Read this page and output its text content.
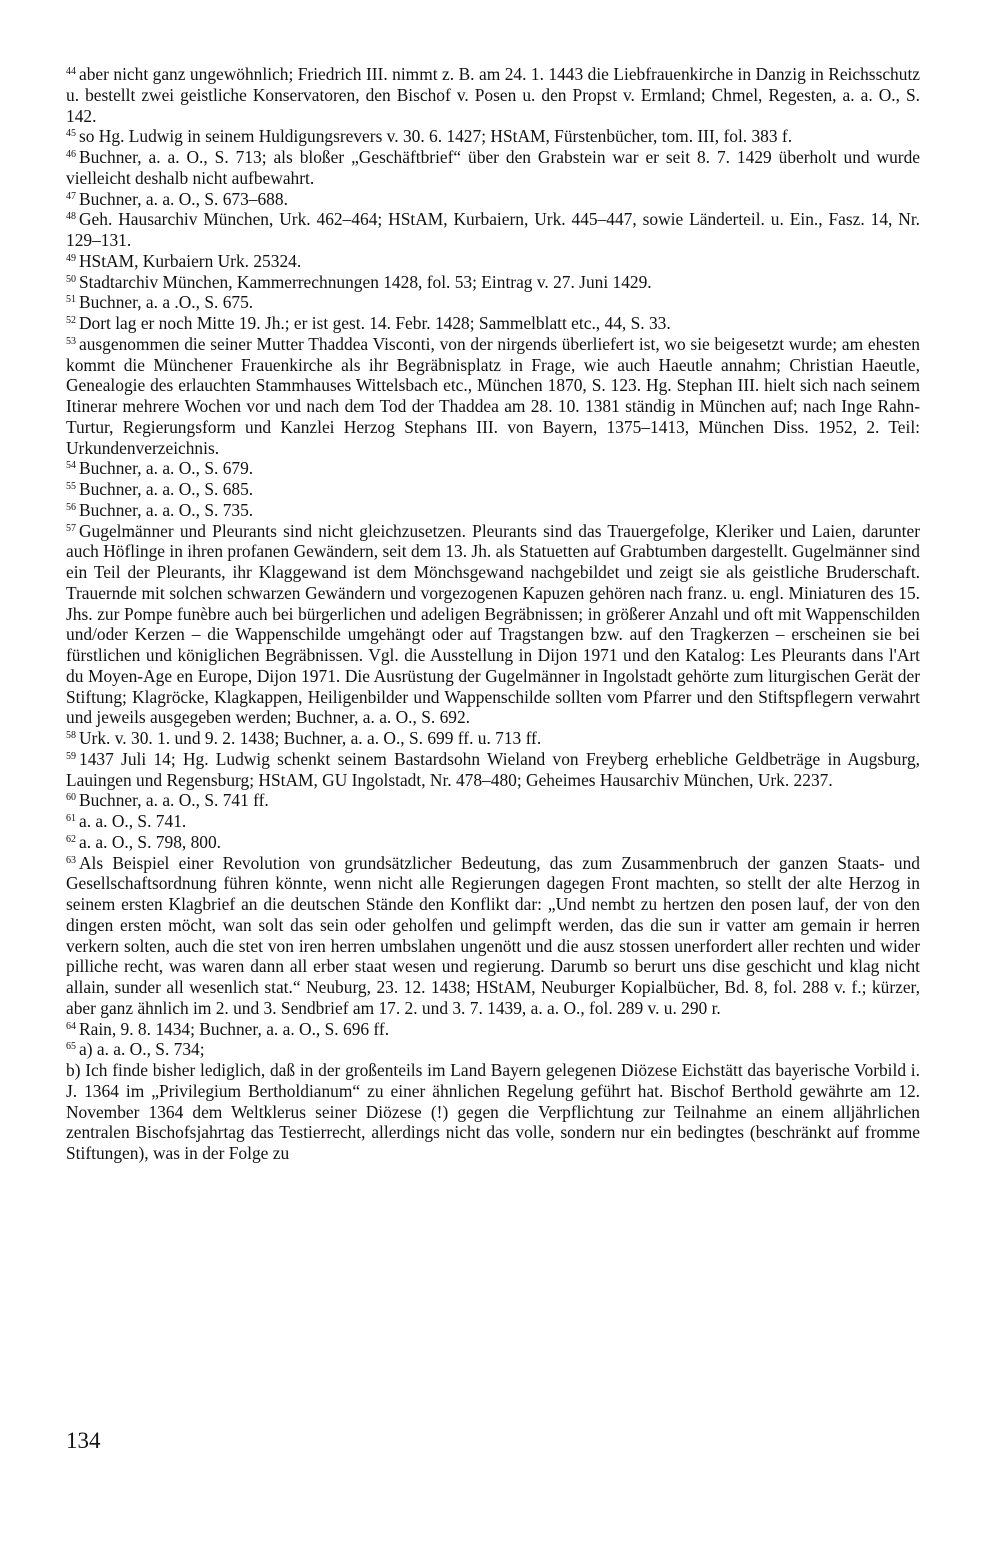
$^{44}$ aber nicht ganz ungewöhnlich; Friedrich III. nimmt z. B. am 24. 1. 1443 die Liebfrauenkirche in Danzig in Reichsschutz u. bestellt zwei geistliche Konservatoren, den Bischof v. Posen u. den Propst v. Ermland; Chmel, Regesten, a. a. O., S. 142.

$^{45}$ so Hg. Ludwig in seinem Huldigungsrevers v. 30. 6. 1427; HStAM, Fürstenbücher, tom. III, fol. 383 f.

$^{46}$ Buchner, a. a. O., S. 713; als bloßer „Geschäftbrief“ über den Grabstein war er seit 8. 7. 1429 überholt und wurde vielleicht deshalb nicht aufbewahrt.

$^{47}$ Buchner, a. a. O., S. 673–688.

$^{48}$ Geh. Hausarchiv München, Urk. 462–464; HStAM, Kurbaiern, Urk. 445–447, sowie Länderteil. u. Ein., Fasz. 14, Nr. 129–131.

$^{49}$ HStAM, Kurbaiern Urk. 25324.

$^{50}$ Stadtarchiv München, Kammerrechnungen 1428, fol. 53; Eintrag v. 27. Juni 1429.

$^{51}$ Buchner, a. a .O., S. 675.

$^{52}$ Dort lag er noch Mitte 19. Jh.; er ist gest. 14. Febr. 1428; Sammelblatt etc., 44, S. 33.

$^{53}$ ausgenommen die seiner Mutter Thaddea Visconti, von der nirgends überliefert ist, wo sie beigesetzt wurde; am ehesten kommt die Münchener Frauenkirche als ihr Begräbnisplatz in Frage, wie auch Haeutle annahm; Christian Haeutle, Genealogie des erlauchten Stammhauses Wittelsbach etc., München 1870, S. 123. Hg. Stephan III. hielt sich nach seinem Itinerar mehrere Wochen vor und nach dem Tod der Thaddea am 28. 10. 1381 ständig in München auf; nach Inge Rahn-Turtur, Regierungsform und Kanzlei Herzog Stephans III. von Bayern, 1375–1413, München Diss. 1952, 2. Teil: Urkundenverzeichnis.

$^{54}$ Buchner, a. a. O., S. 679.

$^{55}$ Buchner, a. a. O., S. 685.

$^{56}$ Buchner, a. a. O., S. 735.

$^{57}$ Gugelmänner und Pleurants sind nicht gleichzusetzen. Pleurants sind das Trauergefolge, Kleriker und Laien, darunter auch Höflinge in ihren profanen Gewändern, seit dem 13. Jh. als Statuetten auf Grabtumben dargestellt. Gugelmänner sind ein Teil der Pleurants, ihr Klaggewand ist dem Mönchsgewand nachgebildet und zeigt sie als geistliche Bruderschaft. Trauernde mit solchen schwarzen Gewändern und vorgezogenen Kapuzen gehören nach franz. u. engl. Miniaturen des 15. Jhs. zur Pompe funèbre auch bei bürgerlichen und adeligen Begräbnissen; in größerer Anzahl und oft mit Wappenschilden und/oder Kerzen – die Wappenschilde umgehängt oder auf Tragstangen bzw. auf den Tragkerzen – erscheinen sie bei fürstlichen und königlichen Begräbnissen. Vgl. die Ausstellung in Dijon 1971 und den Katalog: Les Pleurants dans l'Art du Moyen-Age en Europe, Dijon 1971. Die Ausrüstung der Gugelmänner in Ingolstadt gehörte zum liturgischen Gerät der Stiftung; Klagröcke, Klagkappen, Heiligenbilder und Wappenschilde sollten vom Pfarrer und den Stiftspflegern verwahrt und jeweils ausgegeben werden; Buchner, a. a. O., S. 692.

$^{58}$ Urk. v. 30. 1. und 9. 2. 1438; Buchner, a. a. O., S. 699 ff. u. 713 ff.

$^{59}$ 1437 Juli 14; Hg. Ludwig schenkt seinem Bastardsohn Wieland von Freyberg erhebliche Geldbeträge in Augsburg, Lauingen und Regensburg; HStAM, GU Ingolstadt, Nr. 478–480; Geheimes Hausarchiv München, Urk. 2237.

$^{60}$ Buchner, a. a. O., S. 741 ff.

$^{61}$ a. a. O., S. 741.

$^{62}$ a. a. O., S. 798, 800.

$^{63}$ Als Beispiel einer Revolution von grundsätzlicher Bedeutung, das zum Zusammenbruch der ganzen Staats- und Gesellschaftsordnung führen könnte, wenn nicht alle Regierungen dagegen Front machten, so stellt der alte Herzog in seinem ersten Klagbrief an die deutschen Stände den Konflikt dar: „Und nembt zu hertzen den posen lauf, der von den dingen ersten möcht, wan solt das sein oder geholfen und gelimpft werden, das die sun ir vatter am gemain ir herren verkern solten, auch die stet von iren herren umbslahen ungenött und die ausz stossen unerfordert aller rechten und wider pilliche recht, was waren dann all erber staat wesen und regierung. Darumb so berurt uns dise geschicht und klag nicht allain, sunder all wesenlich stat.“ Neuburg, 23. 12. 1438; HStAM, Neuburger Kopialbücher, Bd. 8, fol. 288 v. f.; kürzer, aber ganz ähnlich im 2. und 3. Sendbrief am 17. 2. und 3. 7. 1439, a. a. O., fol. 289 v. u. 290 r.

$^{64}$ Rain, 9. 8. 1434; Buchner, a. a. O., S. 696 ff.

$^{65}$ a) a. a. O., S. 734;
b) Ich finde bisher lediglich, daß in der großenteils im Land Bayern gelegenen Diözese Eichstätt das bayerische Vorbild i. J. 1364 im „Privilegium Bertholdianum“ zu einer ähnlichen Regelung geführt hat. Bischof Berthold gewährte am 12. November 1364 dem Weltklerus seiner Diözese (!) gegen die Verpflichtung zur Teilnahme an einem alljährlichen zentralen Bischofsjahrtag das Testierrecht, allerdings nicht das volle, sondern nur ein bedingtes (beschränkt auf fromme Stiftungen), was in der Folge zu

134
